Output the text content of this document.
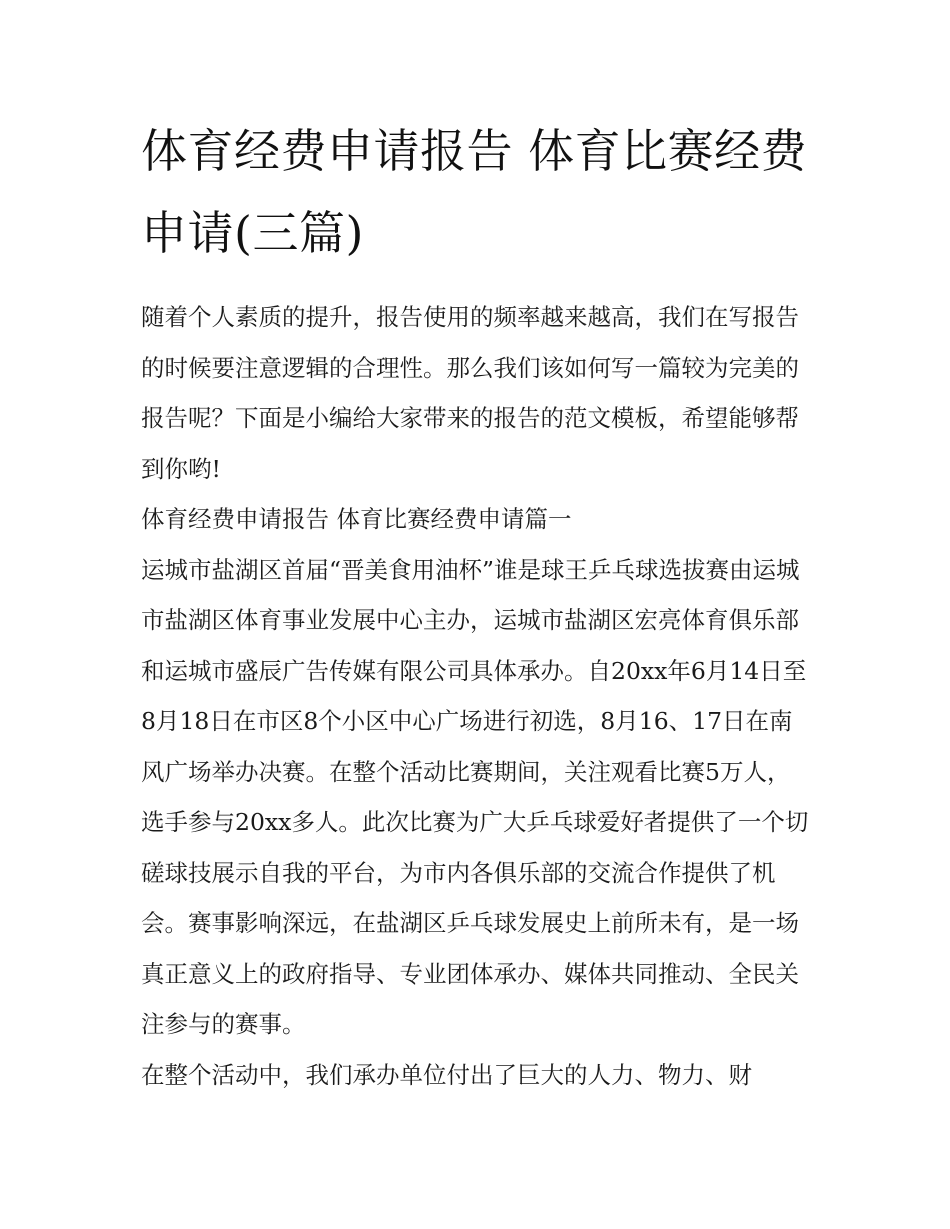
体育经费申请报告 体育比赛经费申请(三篇)

随着个人素质的提升，报告使用的频率越来越高，我们在写报告的时候要注意逻辑的合理性。那么我们该如何写一篇较为完美的报告呢？下面是小编给大家带来的报告的范文模板，希望能够帮到你哟!

体育经费申请报告 体育比赛经费申请篇一

运城市盐湖区首届“晋美食用油杯”谁是球王乒乓球选拔赛由运城市盐湖区体育事业发展中心主办，运城市盐湖区宏亮体育俱乐部和运城市盛辰广告传媒有限公司具体承办。自20xx年6月14日至8月18日在市区8个小区中心广场进行初选，8月16、17日在南风广场举办决赛。在整个活动比赛期间，关注观看比赛5万人，选手参与20xx多人。此次比赛为广大乒乓球爱好者提供了一个切磋球技展示自我的平台，为市内各俱乐部的交流合作提供了机会。赛事影响深远，在盐湖区乒乓球发展史上前所未有，是一场真正意义上的政府指导、专业团体承办、媒体共同推动、全民关注参与的赛事。

在整个活动中，我们承办单位付出了巨大的人力、物力、财
